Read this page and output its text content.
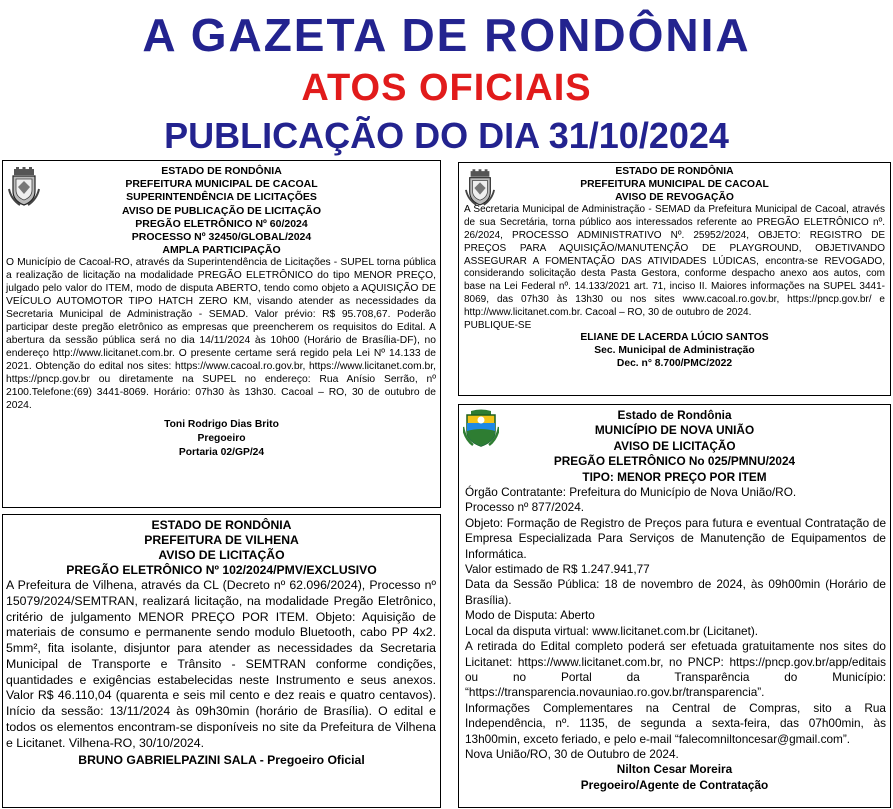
A GAZETA DE RONDÔNIA
ATOS OFICIAIS
PUBLICAÇÃO DO DIA 31/10/2024
ESTADO DE RONDÔNIA
PREFEITURA MUNICIPAL DE CACOAL
SUPERINTENDÊNCIA DE LICITAÇÕES
AVISO DE PUBLICAÇÃO DE LICITAÇÃO
PREGÃO ELETRÔNICO Nº 60/2024
PROCESSO Nº 32450/GLOBAL/2024
AMPLA PARTICIPAÇÃO
O Município de Cacoal-RO, através da Superintendência de Licitações - SUPEL torna pública a realização de licitação na modalidade PREGÃO ELETRÔNICO do tipo MENOR PREÇO, julgado pelo valor do ITEM, modo de disputa ABERTO, tendo como objeto a AQUISIÇÃO DE VEÍCULO AUTOMOTOR TIPO HATCH ZERO KM, visando atender as necessidades da Secretaria Municipal de Administração - SEMAD. Valor prévio: R$ 95.708,67. Poderão participar deste pregão eletrônico as empresas que preencherem os requisitos do Edital. A abertura da sessão pública será no dia 14/11/2024 às 10h00 (Horário de Brasília-DF), no endereço http://www.licitanet.com.br. O presente certame será regido pela Lei Nº 14.133 de 2021. Obtenção do edital nos sites: https://www.cacoal.ro.gov.br, https://www.licitanet.com.br, https://pncp.gov.br ou diretamente na SUPEL no endereço: Rua Anísio Serrão, nº 2100.Telefone:(69) 3441-8069. Horário: 07h30 às 13h30. Cacoal – RO, 30 de outubro de 2024.
Toni Rodrigo Dias Brito
Pregoeiro
Portaria 02/GP/24
ESTADO DE RONDÔNIA
PREFEITURA DE VILHENA
AVISO DE LICITAÇÃO
PREGÃO ELETRÔNICO Nº 102/2024/PMV/EXCLUSIVO
A Prefeitura de Vilhena, através da CL (Decreto nº 62.096/2024), Processo nº 15079/2024/SEMTRAN, realizará licitação, na modalidade Pregão Eletrônico, critério de julgamento MENOR PREÇO POR ITEM. Objeto: Aquisição de materiais de consumo e permanente sendo modulo Bluetooth, cabo PP 4x2. 5mm², fita isolante, disjuntor para atender as necessidades da Secretaria Municipal de Transporte e Trânsito - SEMTRAN conforme condições, quantidades e exigências estabelecidas neste Instrumento e seus anexos. Valor R$ 46.110,04 (quarenta e seis mil cento e dez reais e quatro centavos). Início da sessão: 13/11/2024 às 09h30min (horário de Brasília). O edital e todos os elementos encontram-se disponíveis no site da Prefeitura de Vilhena e Licitanet. Vilhena-RO, 30/10/2024.
BRUNO GABRIELPAZINI SALA - Pregoeiro Oficial
ESTADO DE RONDÔNIA
PREFEITURA MUNICIPAL DE CACOAL
AVISO DE REVOGAÇÃO
A Secretaria Municipal de Administração - SEMAD da Prefeitura Municipal de Cacoal, através de sua Secretária, torna público aos interessados referente ao PREGÃO ELETRÔNICO nº. 26/2024, PROCESSO ADMINISTRATIVO Nº. 25952/2024, OBJETO: REGISTRO DE PREÇOS PARA AQUISIÇÃO/MANUTENÇÃO DE PLAYGROUND, OBJETIVANDO ASSEGURAR A FOMENTAÇÃO DAS ATIVIDADES LÚDICAS, encontra-se REVOGADO, considerando solicitação desta Pasta Gestora, conforme despacho anexo aos autos, com base na Lei Federal nº. 14.133/2021 art. 71, inciso II. Maiores informações na SUPEL 3441-8069, das 07h30 às 13h30 ou nos sites www.cacoal.ro.gov.br, https://pncp.gov.br/ e http://www.licitanet.com.br. Cacoal – RO, 30 de outubro de 2024.
PUBLIQUE-SE
ELIANE DE LACERDA LÚCIO SANTOS
Sec. Municipal de Administração
Dec. n° 8.700/PMC/2022
Estado de Rondônia
MUNICÍPIO DE NOVA UNIÃO
AVISO DE LICITAÇÃO
PREGÃO ELETRÔNICO No 025/PMNU/2024
TIPO: MENOR PREÇO POR ITEM
Órgão Contratante: Prefeitura do Município de Nova União/RO.
Processo nº 877/2024.
Objeto: Formação de Registro de Preços para futura e eventual Contratação de Empresa Especializada Para Serviços de Manutenção de Equipamentos de Informática.
Valor estimado de R$ 1.247.941,77
Data da Sessão Pública: 18 de novembro de 2024, às 09h00min (Horário de Brasília).
Modo de Disputa: Aberto
Local da disputa virtual: www.licitanet.com.br (Licitanet).
A retirada do Edital completo poderá ser efetuada gratuitamente nos sites do Licitanet: https://www.licitanet.com.br, no PNCP: https://pncp.gov.br/app/editais ou no Portal da Transparência do Município: “https://transparencia.novauniao.ro.gov.br/transparencia”.
Informações Complementares na Central de Compras, sito a Rua Independência, nº. 1135, de segunda a sexta-feira, das 07h00min, às 13h00min, exceto feriado, e pelo e-mail “falecomniltoncesar@gmail.com”.
Nova União/RO, 30 de Outubro de 2024.
Nilton Cesar Moreira
Pregoeiro/Agente de Contratação
